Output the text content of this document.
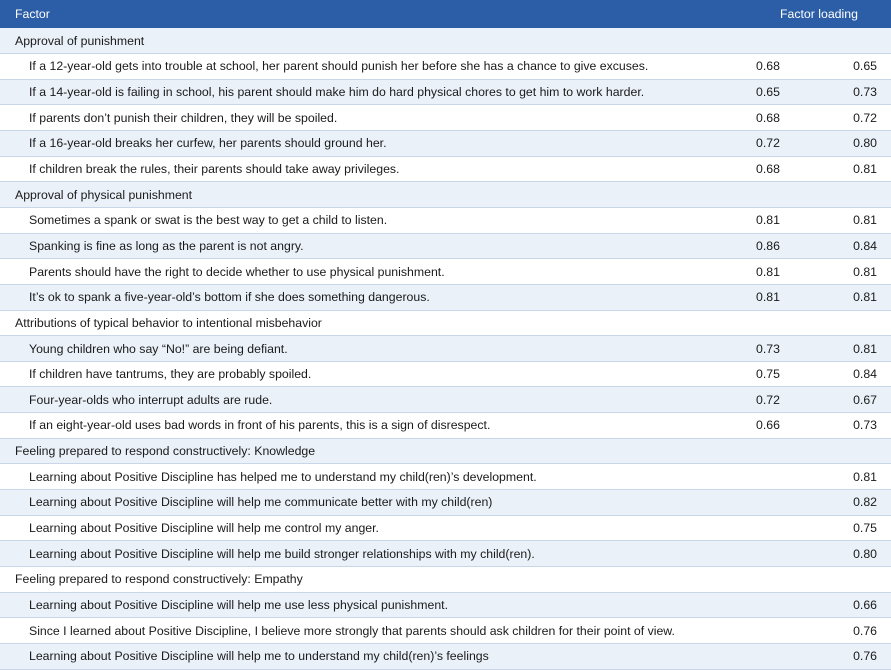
Factor	Factor loading	
Approval of punishment		
If a 12-year-old gets into trouble at school, her parent should punish her before she has a chance to give excuses.	0.68	0.65
If a 14-year-old is failing in school, his parent should make him do hard physical chores to get him to work harder.	0.65	0.73
If parents don’t punish their children, they will be spoiled.	0.68	0.72
If a 16-year-old breaks her curfew, her parents should ground her.	0.72	0.80
If children break the rules, their parents should take away privileges.	0.68	0.81
Approval of physical punishment		
Sometimes a spank or swat is the best way to get a child to listen.	0.81	0.81
Spanking is fine as long as the parent is not angry.	0.86	0.84
Parents should have the right to decide whether to use physical punishment.	0.81	0.81
It’s ok to spank a five-year-old’s bottom if she does something dangerous.	0.81	0.81
Attributions of typical behavior to intentional misbehavior		
Young children who say “No!” are being defiant.	0.73	0.81
If children have tantrums, they are probably spoiled.	0.75	0.84
Four-year-olds who interrupt adults are rude.	0.72	0.67
If an eight-year-old uses bad words in front of his parents, this is a sign of disrespect.	0.66	0.73
Feeling prepared to respond constructively: Knowledge		
Learning about Positive Discipline has helped me to understand my child(ren)’s development.		0.81
Learning about Positive Discipline will help me communicate better with my child(ren)		0.82
Learning about Positive Discipline will help me control my anger.		0.75
Learning about Positive Discipline will help me build stronger relationships with my child(ren).		0.80
Feeling prepared to respond constructively: Empathy		
Learning about Positive Discipline will help me use less physical punishment.		0.66
Since I learned about Positive Discipline, I believe more strongly that parents should ask children for their point of view.		0.76
Learning about Positive Discipline will help me to understand my child(ren)’s feelings		0.76
